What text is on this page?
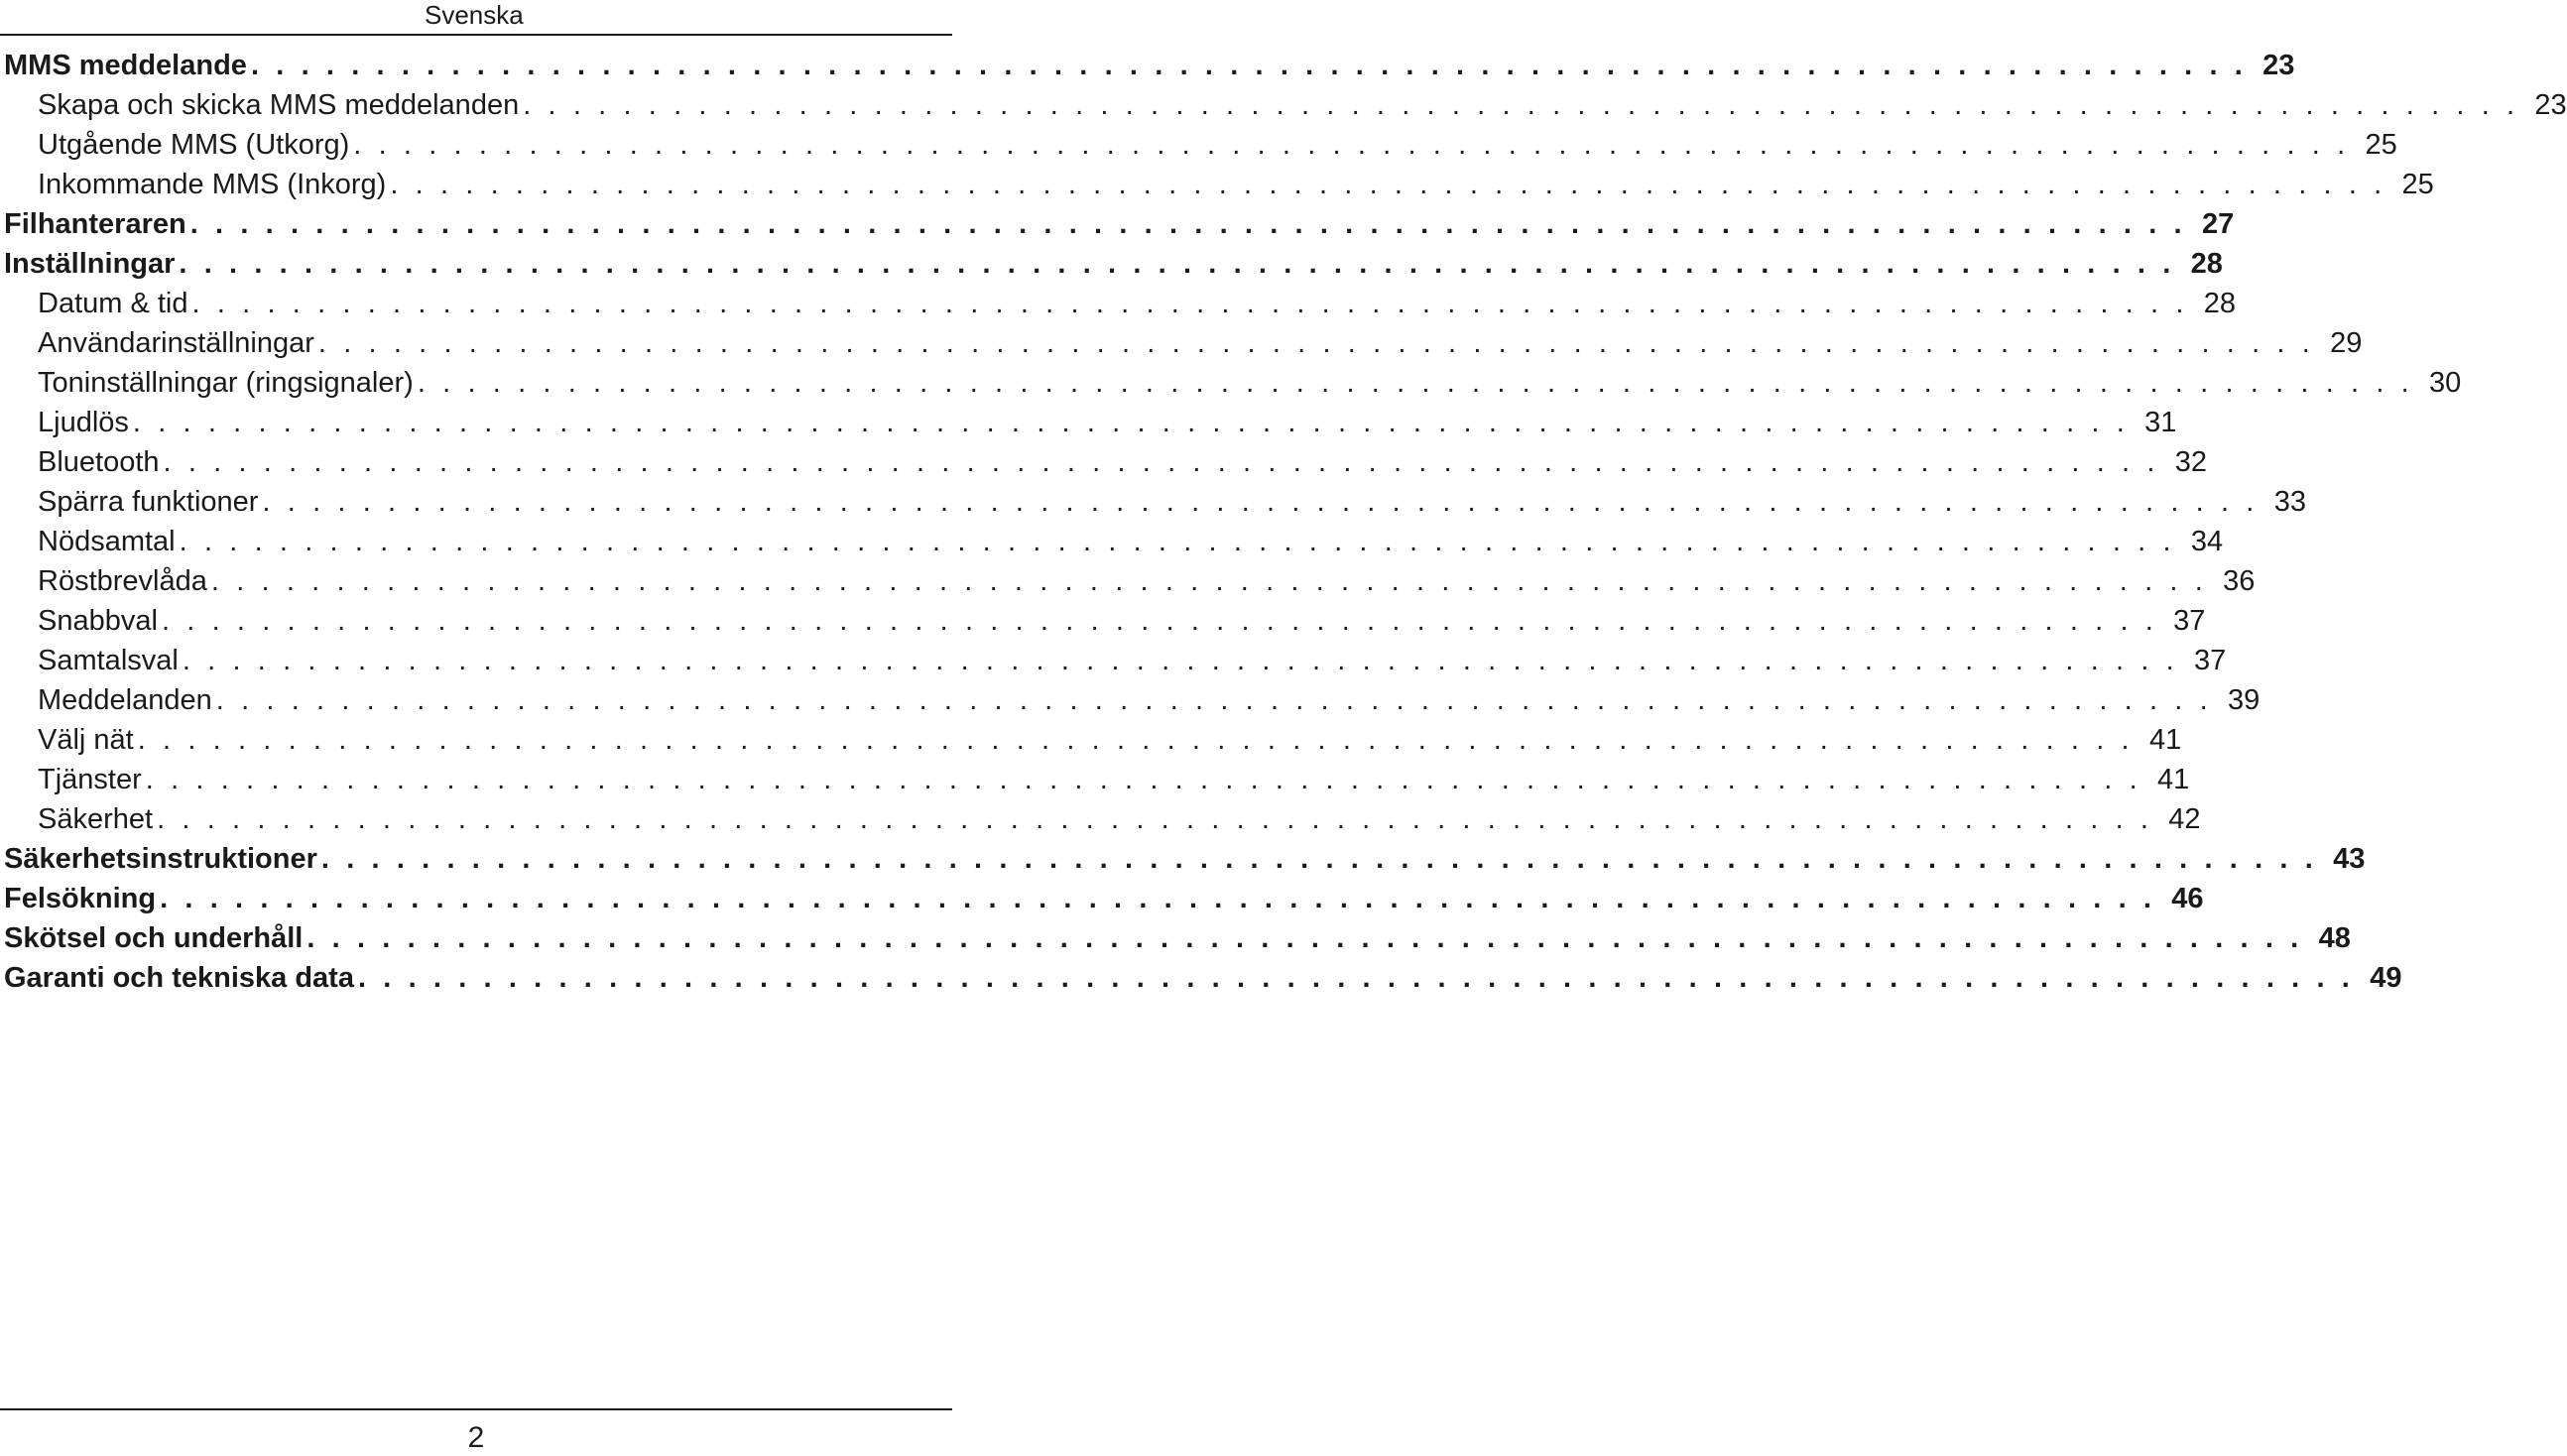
Svenska
MMS meddelande . . . . . . . . . . . . . . . . . . . . . . . . . . . . . . . . . . . . . . . . . . . . . . . . . . . . . . . . . . . . . . . . . . . . . . . . . . . . . . . . 23
Skapa och skicka MMS meddelanden . . . . . . . . . . . . . . . . . . . . . . . . . . . . . . . . . . . . . . . . . . . . . . . . . . . . . . . . . . . . . . . . . . . . . . . . . . . . . . . . 23
Utgående MMS (Utkorg) . . . . . . . . . . . . . . . . . . . . . . . . . . . . . . . . . . . . . . . . . . . . . . . . . . . . . . . . . . . . . . . . . . . . . . . . . . . . . . . . 25
Inkommande MMS (Inkorg) . . . . . . . . . . . . . . . . . . . . . . . . . . . . . . . . . . . . . . . . . . . . . . . . . . . . . . . . . . . . . . . . . . . . . . . . . . . . . . . . 25
Filhanteraren . . . . . . . . . . . . . . . . . . . . . . . . . . . . . . . . . . . . . . . . . . . . . . . . . . . . . . . . . . . . . . . . . . . . . . . . . . . . . . . . 27
Inställningar . . . . . . . . . . . . . . . . . . . . . . . . . . . . . . . . . . . . . . . . . . . . . . . . . . . . . . . . . . . . . . . . . . . . . . . . . . . . . . . . 28
Datum & tid . . . . . . . . . . . . . . . . . . . . . . . . . . . . . . . . . . . . . . . . . . . . . . . . . . . . . . . . . . . . . . . . . . . . . . . . . . . . . . . . 28
Användarinställningar . . . . . . . . . . . . . . . . . . . . . . . . . . . . . . . . . . . . . . . . . . . . . . . . . . . . . . . . . . . . . . . . . . . . . . . . . . . . . . . . 29
Toninställningar (ringsignaler) . . . . . . . . . . . . . . . . . . . . . . . . . . . . . . . . . . . . . . . . . . . . . . . . . . . . . . . . . . . . . . . . . . . . . . . . . . . . . . . . 30
Ljudlös . . . . . . . . . . . . . . . . . . . . . . . . . . . . . . . . . . . . . . . . . . . . . . . . . . . . . . . . . . . . . . . . . . . . . . . . . . . . . . . . 31
Bluetooth . . . . . . . . . . . . . . . . . . . . . . . . . . . . . . . . . . . . . . . . . . . . . . . . . . . . . . . . . . . . . . . . . . . . . . . . . . . . . . . . 32
Spärra funktioner . . . . . . . . . . . . . . . . . . . . . . . . . . . . . . . . . . . . . . . . . . . . . . . . . . . . . . . . . . . . . . . . . . . . . . . . . . . . . . . . 33
Nödsamtal . . . . . . . . . . . . . . . . . . . . . . . . . . . . . . . . . . . . . . . . . . . . . . . . . . . . . . . . . . . . . . . . . . . . . . . . . . . . . . . . 34
Röstbrevlåda . . . . . . . . . . . . . . . . . . . . . . . . . . . . . . . . . . . . . . . . . . . . . . . . . . . . . . . . . . . . . . . . . . . . . . . . . . . . . . . . 36
Snabbval . . . . . . . . . . . . . . . . . . . . . . . . . . . . . . . . . . . . . . . . . . . . . . . . . . . . . . . . . . . . . . . . . . . . . . . . . . . . . . . . 37
Samtalsval . . . . . . . . . . . . . . . . . . . . . . . . . . . . . . . . . . . . . . . . . . . . . . . . . . . . . . . . . . . . . . . . . . . . . . . . . . . . . . . . 37
Meddelanden . . . . . . . . . . . . . . . . . . . . . . . . . . . . . . . . . . . . . . . . . . . . . . . . . . . . . . . . . . . . . . . . . . . . . . . . . . . . . . . . 39
Välj nät . . . . . . . . . . . . . . . . . . . . . . . . . . . . . . . . . . . . . . . . . . . . . . . . . . . . . . . . . . . . . . . . . . . . . . . . . . . . . . . . 41
Tjänster . . . . . . . . . . . . . . . . . . . . . . . . . . . . . . . . . . . . . . . . . . . . . . . . . . . . . . . . . . . . . . . . . . . . . . . . . . . . . . . . 41
Säkerhet . . . . . . . . . . . . . . . . . . . . . . . . . . . . . . . . . . . . . . . . . . . . . . . . . . . . . . . . . . . . . . . . . . . . . . . . . . . . . . . . 42
Säkerhetsinstruktioner . . . . . . . . . . . . . . . . . . . . . . . . . . . . . . . . . . . . . . . . . . . . . . . . . . . . . . . . . . . . . . . . . . . . . . . . . . . . . . . . 43
Felsökning . . . . . . . . . . . . . . . . . . . . . . . . . . . . . . . . . . . . . . . . . . . . . . . . . . . . . . . . . . . . . . . . . . . . . . . . . . . . . . . . 46
Skötsel och underhåll . . . . . . . . . . . . . . . . . . . . . . . . . . . . . . . . . . . . . . . . . . . . . . . . . . . . . . . . . . . . . . . . . . . . . . . . . . . . . . . . 48
Garanti och tekniska data . . . . . . . . . . . . . . . . . . . . . . . . . . . . . . . . . . . . . . . . . . . . . . . . . . . . . . . . . . . . . . . . . . . . . . . . . . . . . . . . 49
2
